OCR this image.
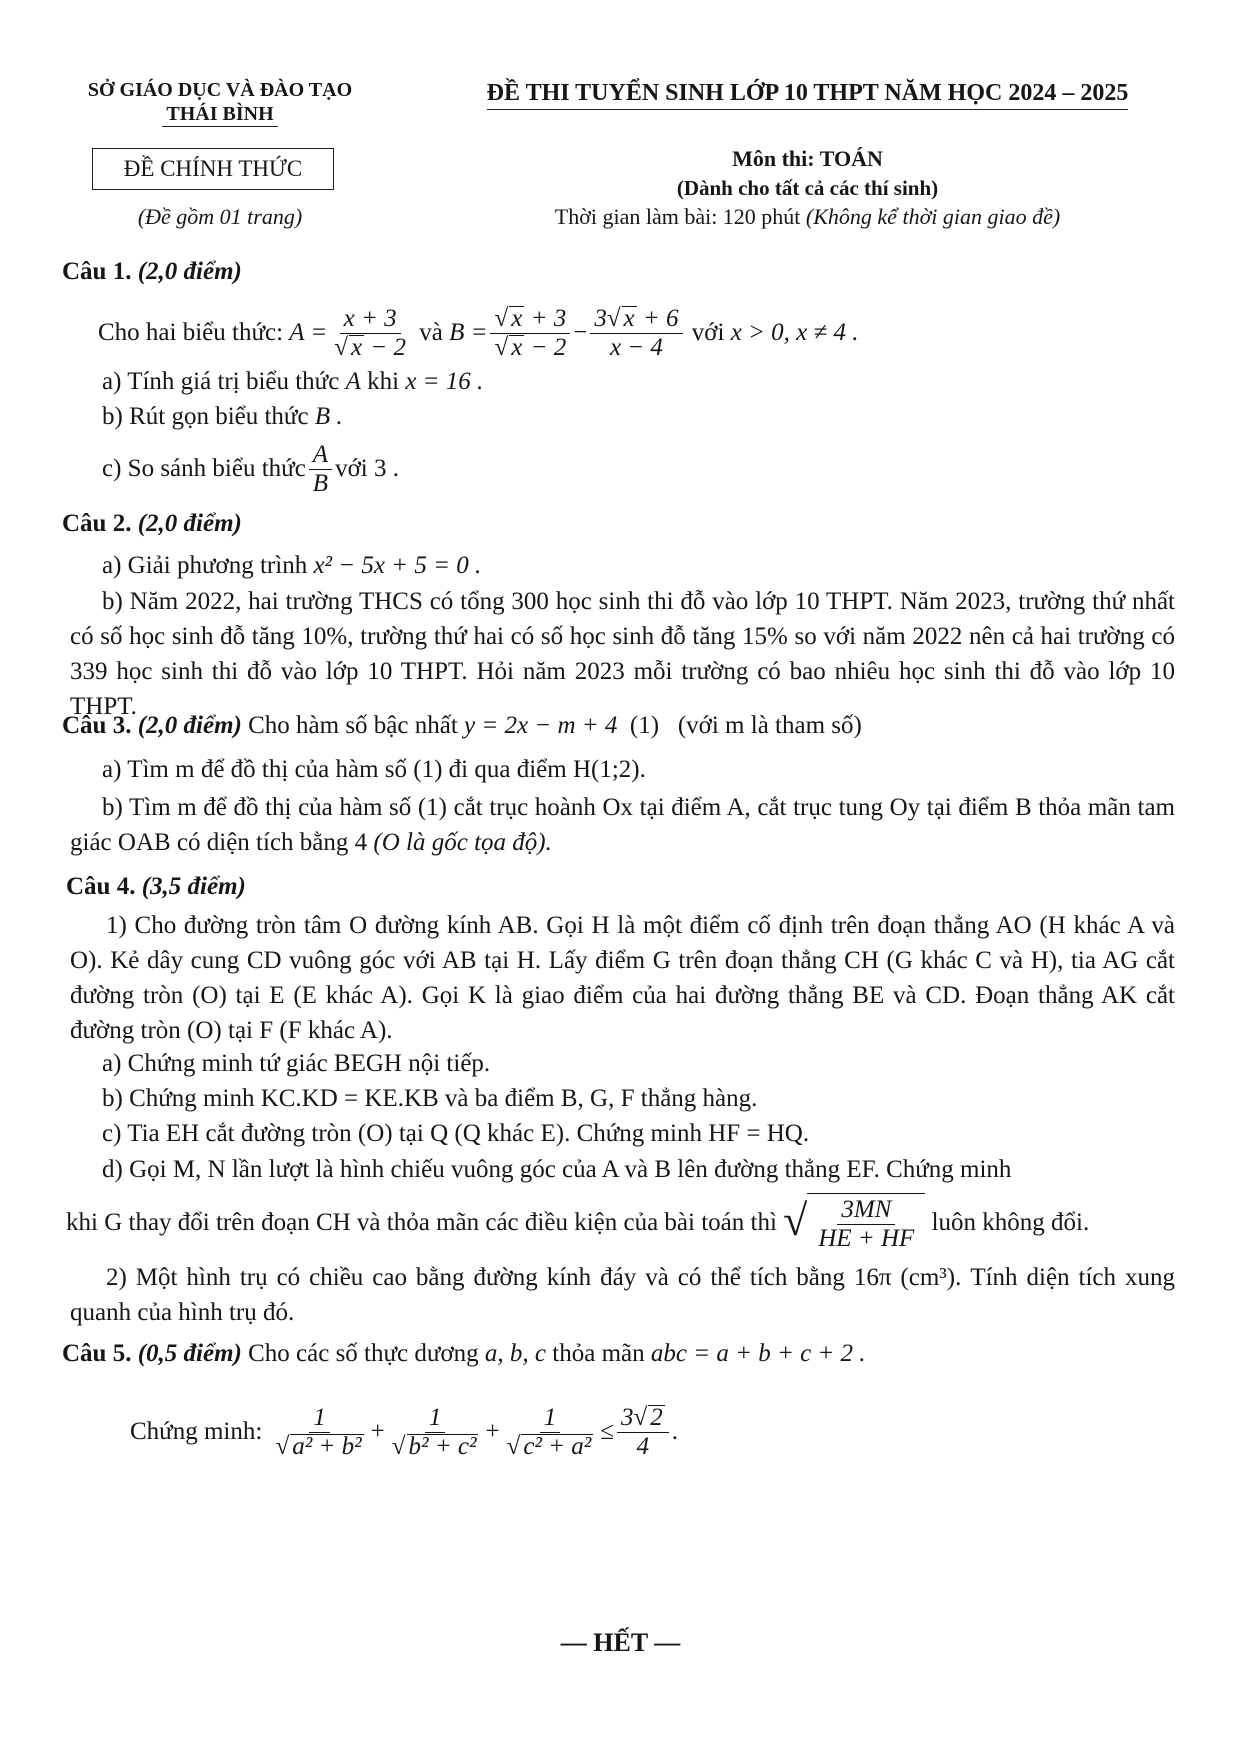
SỞ GIÁO DỤC VÀ ĐÀO TẠO
THÁI BÌNH
ĐỀ CHÍNH THỨC
(Đề gồm 01 trang)
ĐỀ THI TUYỂN SINH LỚP 10 THPT NĂM HỌC 2024 – 2025
Môn thi: TOÁN
(Dành cho tất cả các thí sinh)
Thời gian làm bài: 120 phút (Không kể thời gian giao đề)
Câu 1. (2,0 điểm)
Cho hai biểu thức:
$A = \frac{x + 3}{√ x - 2}$
và
$B = \frac{√ x + 3}{√ x - 2} - \frac{3√ x + 6}{x - 4}$
với
x > 0, x ≠ 4 .
a) Tính giá trị biểu thức A khi x = 16 .
b) Rút gọn biểu thức B .
c) So sánh biểu thức $\frac{A}{B}$ với 3 .
Câu 2. (2,0 điểm)
a) Giải phương trình x² − 5x + 5 = 0 .
b) Năm 2022, hai trường THCS có tổng 300 học sinh thi đỗ vào lớp 10 THPT. Năm 2023, trường thứ nhất có số học sinh đỗ tăng 10%, trường thứ hai có số học sinh đỗ tăng 15% so với năm 2022 nên cả hai trường có 339 học sinh thi đỗ vào lớp 10 THPT. Hỏi năm 2023 mỗi trường có bao nhiêu học sinh thi đỗ vào lớp 10 THPT.
Câu 3. (2,0 điểm) Cho hàm số bậc nhất y = 2x − m + 4 (1) (với m là tham số)
a) Tìm m để đồ thị của hàm số (1) đi qua điểm H(1;2).
b) Tìm m để đồ thị của hàm số (1) cắt trục hoành Ox tại điểm A, cắt trục tung Oy tại điểm B thỏa mãn tam giác OAB có diện tích bằng 4 (O là gốc tọa độ).
Câu 4. (3,5 điểm)
1) Cho đường tròn tâm O đường kính AB. Gọi H là một điểm cố định trên đoạn thẳng AO (H khác A và O). Kẻ dây cung CD vuông góc với AB tại H. Lấy điểm G trên đoạn thẳng CH (G khác C và H), tia AG cắt đường tròn (O) tại E (E khác A). Gọi K là giao điểm của hai đường thẳng BE và CD. Đoạn thẳng AK cắt đường tròn (O) tại F (F khác A).
a) Chứng minh tứ giác BEGH nội tiếp.
b) Chứng minh KC.KD = KE.KB và ba điểm B, G, F thẳng hàng.
c) Tia EH cắt đường tròn (O) tại Q (Q khác E). Chứng minh HF = HQ.
d) Gọi M, N lần lượt là hình chiếu vuông góc của A và B lên đường thẳng EF. Chứng minh
khi G thay đổi trên đoạn CH và thỏa mãn các điều kiện của bài toán thì
√ $\frac{3MN}{HE + HF}$
luôn không đổi.
2) Một hình trụ có chiều cao bằng đường kính đáy và có thể tích bằng 16π (cm³). Tính diện tích xung quanh của hình trụ đó.
Câu 5. (0,5 điểm) Cho các số thực dương a, b, c thỏa mãn abc = a + b + c + 2 .
Chứng minh:
$\frac{1}{\text{√ a² + b²}} + \frac{1}{\text{√ b² + c²}} + \frac{1}{\text{√ c² + a²}} \le \frac{3√ 2}{4}$ .
— HẾT —
